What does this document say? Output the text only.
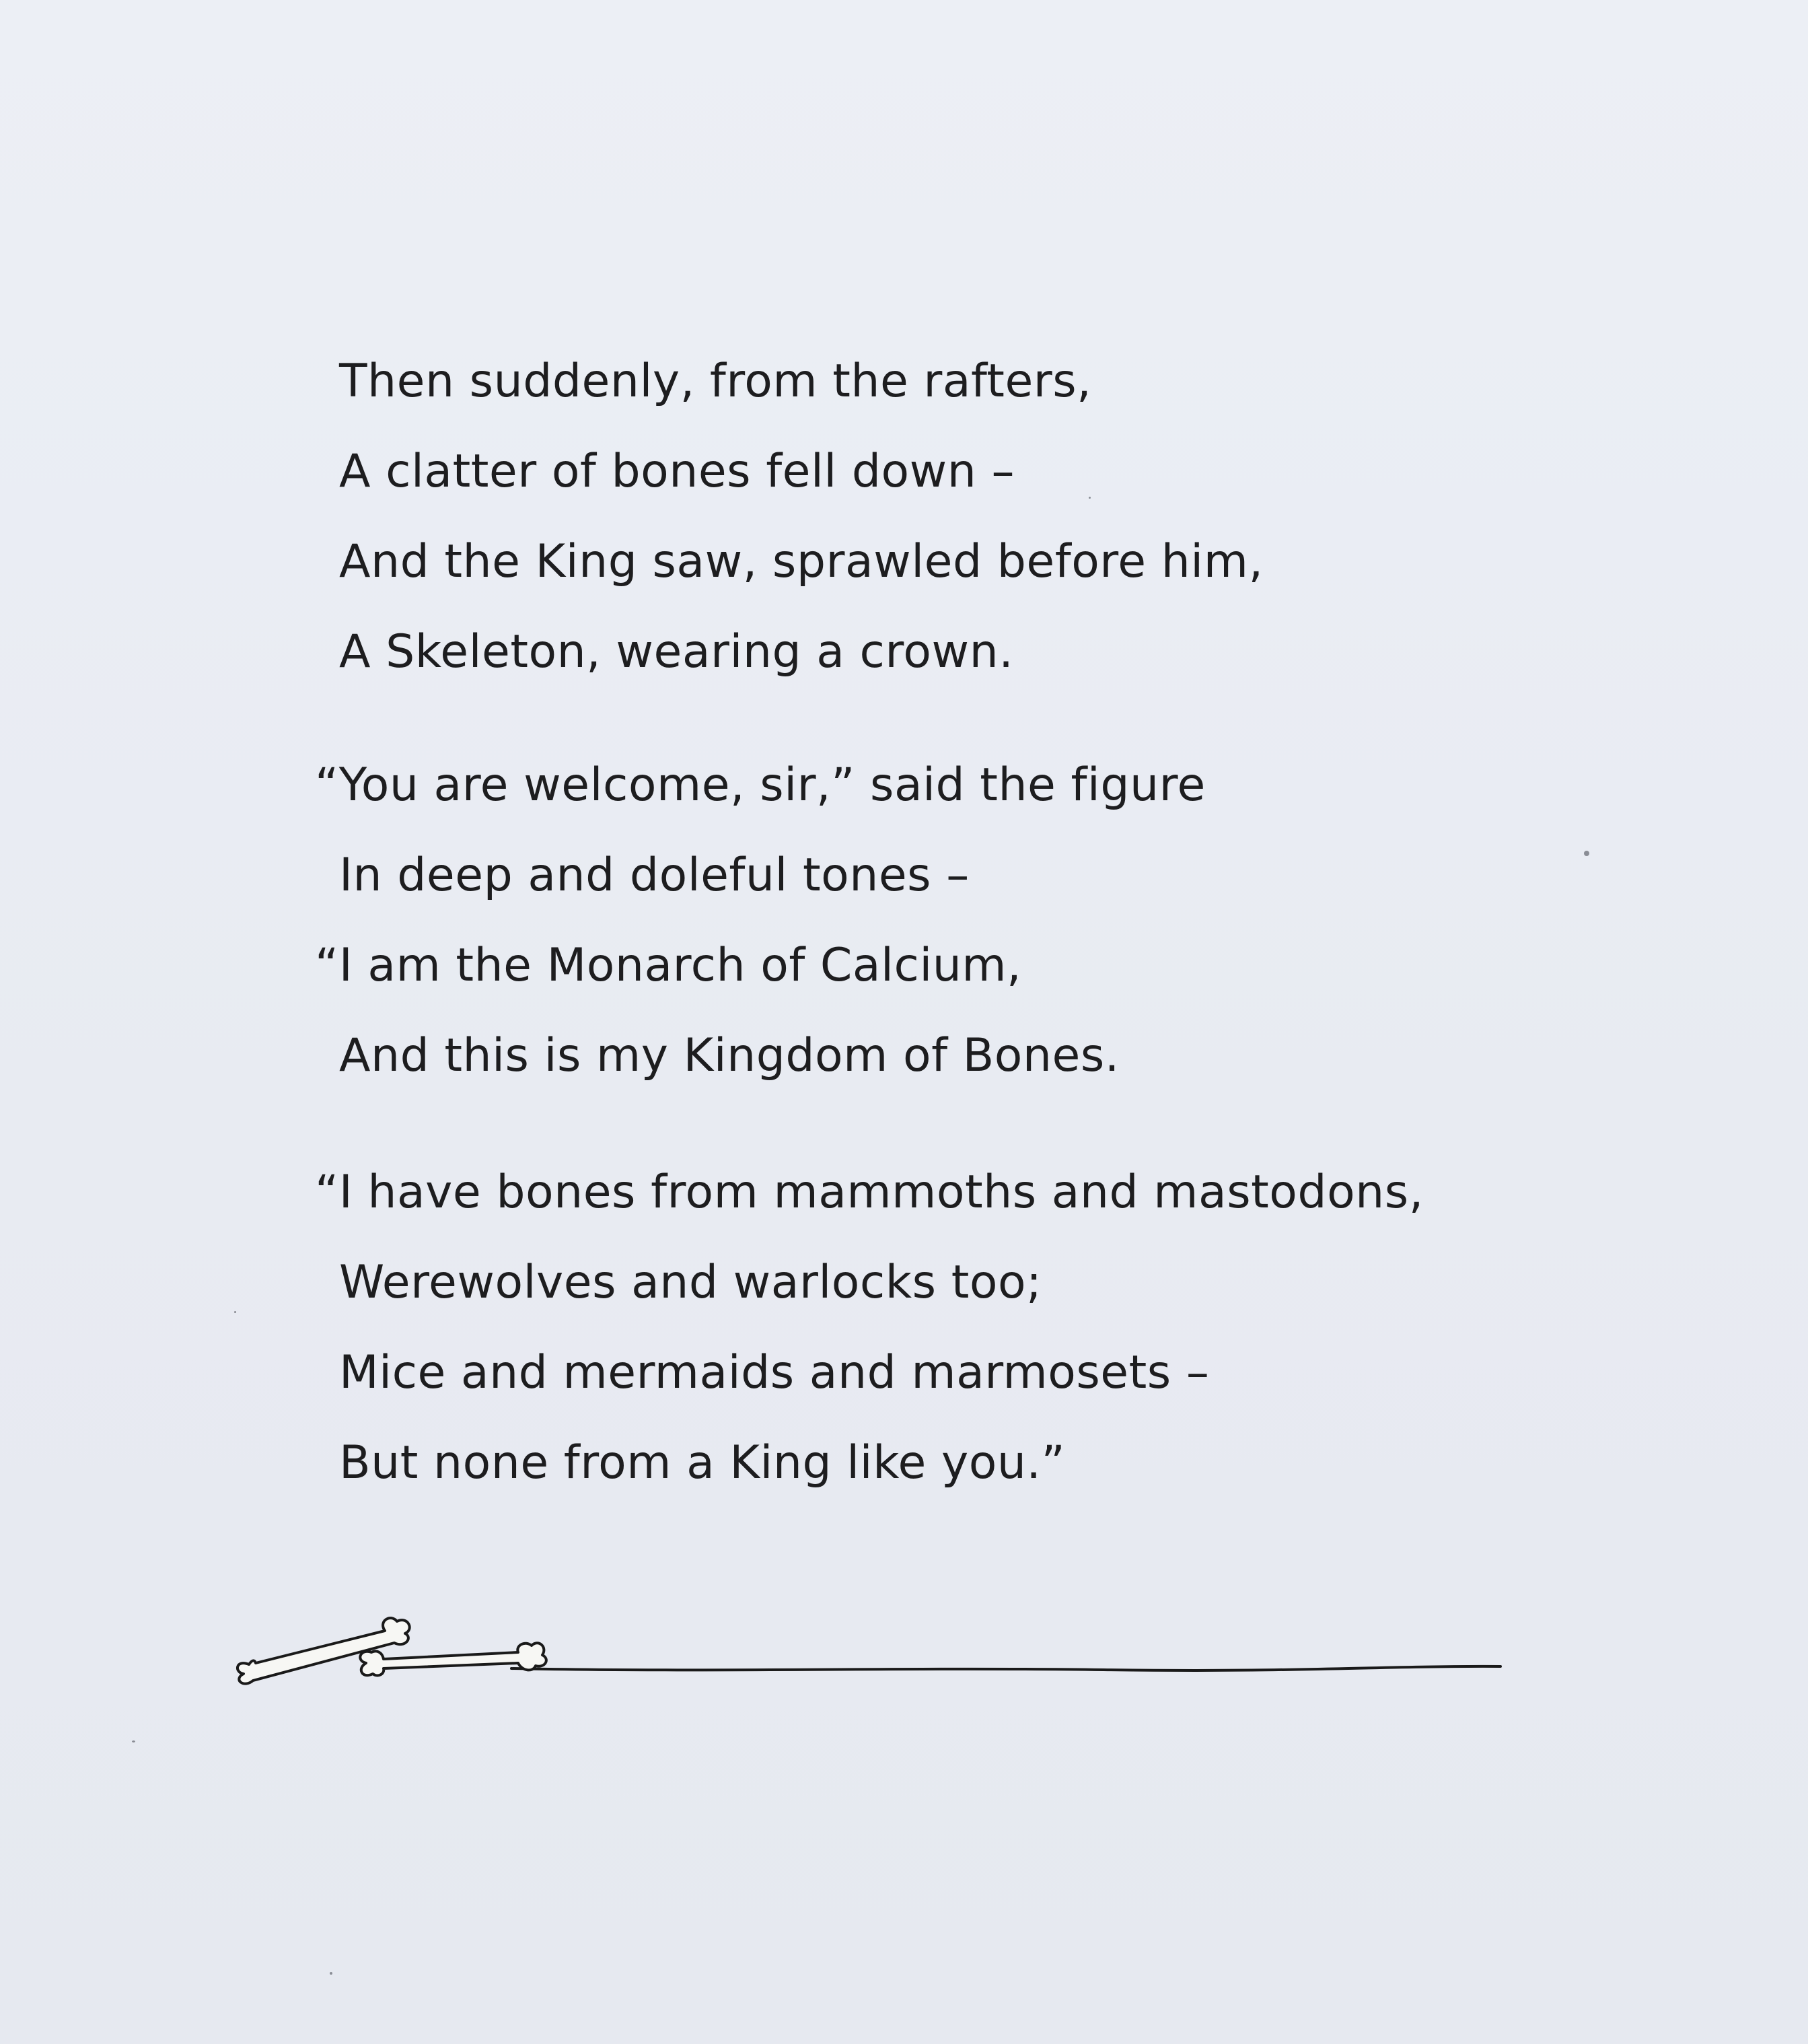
Then suddenly, from the rafters,
A clatter of bones fell down –
And the King saw, sprawled before him,
A Skeleton, wearing a crown.
“You are welcome, sir,” said the figure
In deep and doleful tones –
“I am the Monarch of Calcium,
And this is my Kingdom of Bones.
“I have bones from mammoths and mastodons,
Werewolves and warlocks too;
Mice and mermaids and marmosets –
But none from a King like you.”
